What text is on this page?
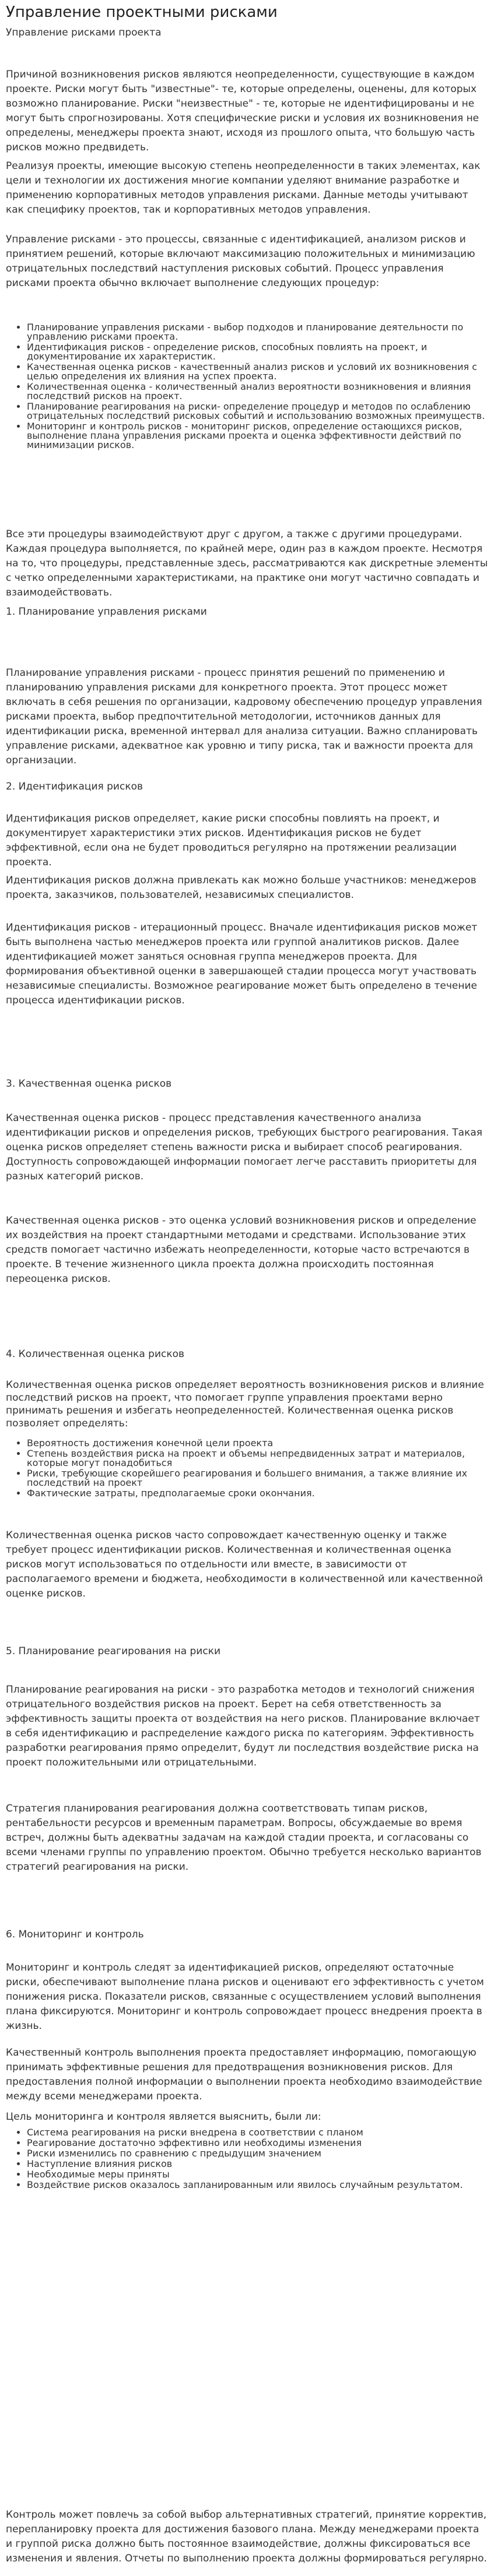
Управление проектными рисками
Управление рисками проекта

Причиной возникновения рисков являются неопределенности, существующие в каждом проекте. Риски могут быть "известные"- те, которые определены, оценены, для которых возможно планирование. Риски "неизвестные" - те, которые не идентифицированы и не могут быть спрогнозированы. Хотя специфические риски и условия их возникновения не определены, менеджеры проекта знают, исходя из прошлого опыта, что большую часть рисков можно предвидеть.

Реализуя проекты, имеющие высокую степень неопределенности в таких элементах, как цели и технологии их достижения многие компании уделяют внимание разработке и применению корпоративных методов управления рисками. Данные методы учитывают как специфику проектов, так и корпоративных методов управления.

Управление рисками - это процессы, связанные с идентификацией, анализом рисков и принятием решений, которые включают максимизацию положительных и минимизацию отрицательных последствий наступления рисковых событий. Процесс управления рисками проекта обычно включает выполнение следующих процедур:

• Планирование управления рисками - выбор подходов и планирование деятельности по управлению рисками проекта.
• Идентификация рисков - определение рисков, способных повлиять на проект, и документирование их характеристик.
• Качественная оценка рисков - качественный анализ рисков и условий их возникновения с целью определения их влияния на успех проекта.
• Количественная оценка - количественный анализ вероятности возникновения и влияния последствий рисков на проект.
• Планирование реагирования на риски- определение процедур и методов по ослаблению отрицательных последствий рисковых событий и использованию возможных преимуществ.
• Мониторинг и контроль рисков - мониторинг рисков, определение остающихся рисков, выполнение плана управления рисками проекта и оценка эффективности действий по минимизации рисков.

Все эти процедуры взаимодействуют друг с другом, а также с другими процедурами. Каждая процедура выполняется, по крайней мере, один раз в каждом проекте. Несмотря на то, что процедуры, представленные здесь, рассматриваются как дискретные элементы с четко определенными характеристиками, на практике они могут частично совпадать и взаимодействовать.

1. Планирование управления рисками

Планирование управления рисками - процесс принятия решений по применению и планированию управления рисками для конкретного проекта. Этот процесс может включать в себя решения по организации, кадровому обеспечению процедур управления рисками проекта, выбор предпочтительной методологии, источников данных для идентификации риска, временной интервал для анализа ситуации. Важно спланировать управление рисками, адекватное как уровню и типу риска, так и важности проекта для организации.

2. Идентификация рисков

Идентификация рисков определяет, какие риски способны повлиять на проект, и документирует характеристики этих рисков. Идентификация рисков не будет эффективной, если она не будет проводиться регулярно на протяжении реализации проекта.

Идентификация рисков должна привлекать как можно больше участников: менеджеров проекта, заказчиков, пользователей, независимых специалистов.

Идентификация рисков - итерационный процесс. Вначале идентификация рисков может быть выполнена частью менеджеров проекта или группой аналитиков рисков. Далее идентификацией может заняться основная группа менеджеров проекта. Для формирования объективной оценки в завершающей стадии процесса могут участвовать независимые специалисты. Возможное реагирование может быть определено в течение процесса идентификации рисков.

3. Качественная оценка рисков

Качественная оценка рисков - процесс представления качественного анализа идентификации рисков и определения рисков, требующих быстрого реагирования. Такая оценка рисков определяет степень важности риска и выбирает способ реагирования. Доступность сопровождающей информации помогает легче расставить приоритеты для разных категорий рисков.

Качественная оценка рисков - это оценка условий возникновения рисков и определение их воздействия на проект стандартными методами и средствами. Использование этих средств помогает частично избежать неопределенности, которые часто встречаются в проекте. В течение жизненного цикла проекта должна происходить постоянная переоценка рисков.

4. Количественная оценка рисков

Количественная оценка рисков определяет вероятность возникновения рисков и влияние последствий рисков на проект, что помогает группе управления проектами верно принимать решения и избегать неопределенностей. Количественная оценка рисков позволяет определять:

• Вероятность достижения конечной цели проекта
• Степень воздействия риска на проект и объемы непредвиденных затрат и материалов, которые могут понадобиться
• Риски, требующие скорейшего реагирования и большего внимания, а также влияние их последствий на проект
• Фактические затраты, предполагаемые сроки окончания.

Количественная оценка рисков часто сопровождает качественную оценку и также требует процесс идентификации рисков. Количественная и количественная оценка рисков могут использоваться по отдельности или вместе, в зависимости от располагаемого времени и бюджета, необходимости в количественной или качественной оценке рисков.

5. Планирование реагирования на риски

Планирование реагирования на риски - это разработка методов и технологий снижения отрицательного воздействия рисков на проект. Берет на себя ответственность за эффективность защиты проекта от воздействия на него рисков. Планирование включает в себя идентификацию и распределение каждого риска по категориям. Эффективность разработки реагирования прямо определит, будут ли последствия воздействие риска на проект положительными или отрицательными.

Стратегия планирования реагирования должна соответствовать типам рисков, рентабельности ресурсов и временным параметрам. Вопросы, обсуждаемые во время встреч, должны быть адекватны задачам на каждой стадии проекта, и согласованы со всеми членами группы по управлению проектом. Обычно требуется несколько вариантов стратегий реагирования на риски.

6. Мониторинг и контроль

Мониторинг и контроль следят за идентификацией рисков, определяют остаточные риски, обеспечивают выполнение плана рисков и оценивают его эффективность с учетом понижения риска. Показатели рисков, связанные с осуществлением условий выполнения плана фиксируются. Мониторинг и контроль сопровождает процесс внедрения проекта в жизнь.

Качественный контроль выполнения проекта предоставляет информацию, помогающую принимать эффективные решения для предотвращения возникновения рисков. Для предоставления полной информации о выполнении проекта необходимо взаимодействие между всеми менеджерами проекта.

Цель мониторинга и контроля является выяснить, были ли:

• Система реагирования на риски внедрена в соответствии с планом
• Реагирование достаточно эффективно или необходимы изменения
• Риски изменились по сравнению с предыдущим значением
• Наступление влияния рисков
• Необходимые меры приняты
• Воздействие рисков оказалось запланированным или явилось случайным результатом.

Контроль может повлечь за собой выбор альтернативных стратегий, принятие корректив, перепланировку проекта для достижения базового плана. Между менеджерами проекта и группой риска должно быть постоянное взаимодействие, должны фиксироваться все изменения и явления. Отчеты по выполнению проекта должны формироваться регулярно.
